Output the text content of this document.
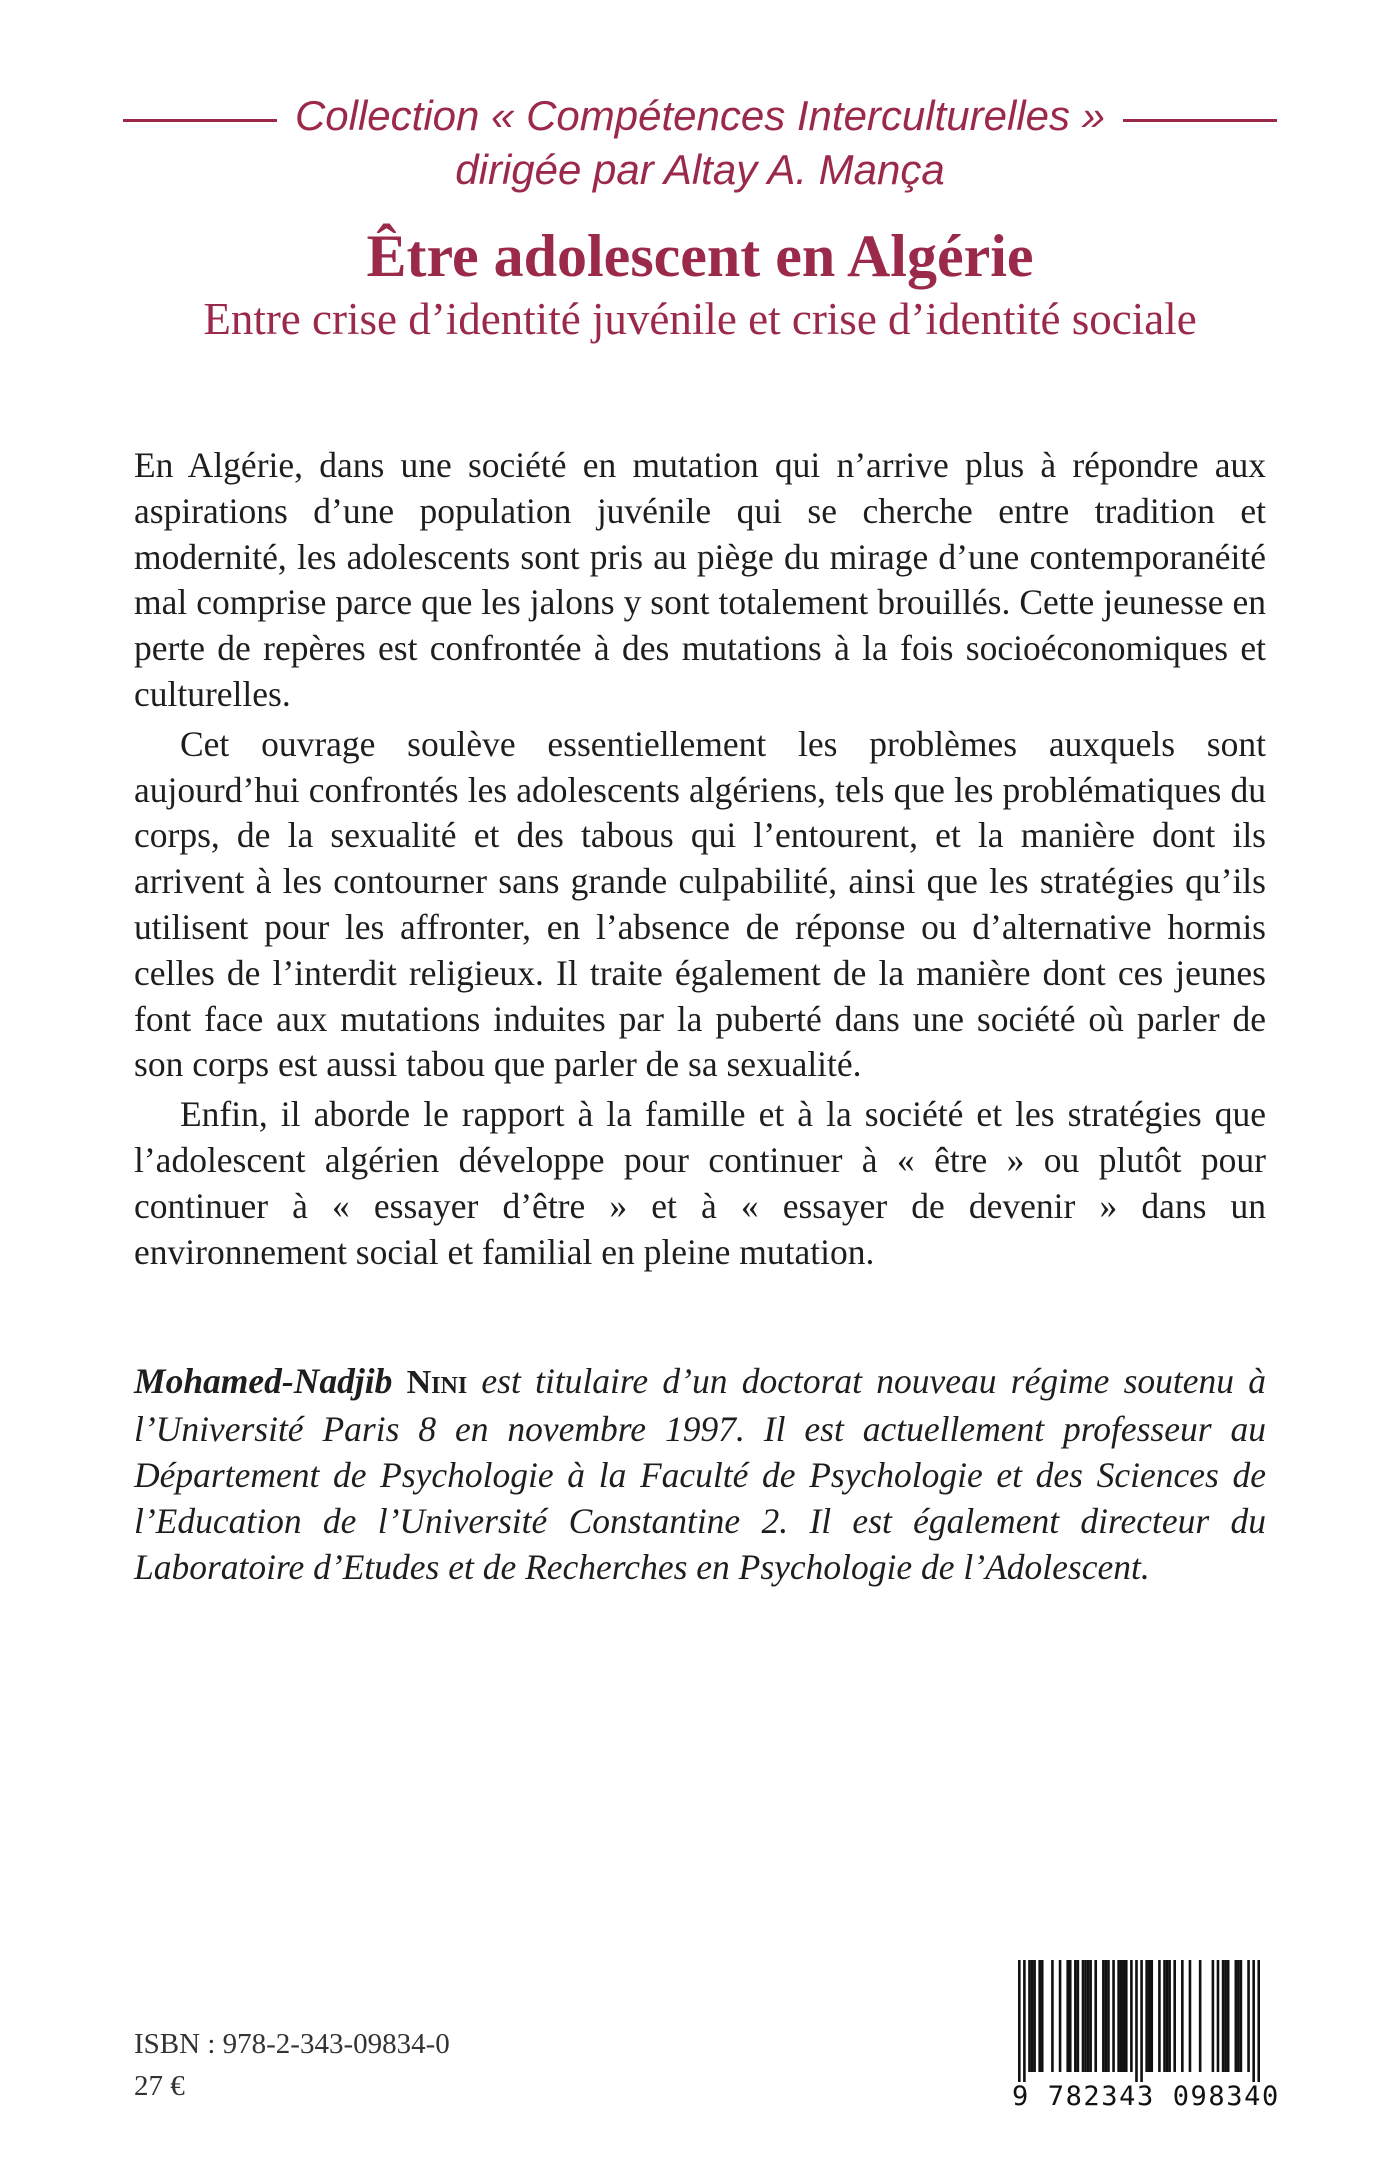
Collection « Compétences Interculturelles »
dirigée par Altay A. Mança
Être adolescent en Algérie
Entre crise d’identité juvénile et crise d’identité sociale

En Algérie, dans une société en mutation qui n’arrive plus à répondre aux aspirations d’une population juvénile qui se cherche entre tradition et modernité, les adolescents sont pris au piège du mirage d’une contemporanéité mal comprise parce que les jalons y sont totalement brouillés. Cette jeunesse en perte de repères est confrontée à des mutations à la fois socioéconomiques et culturelles.

Cet ouvrage soulève essentiellement les problèmes auxquels sont aujourd’hui confrontés les adolescents algériens, tels que les problématiques du corps, de la sexualité et des tabous qui l’entourent, et la manière dont ils arrivent à les contourner sans grande culpabilité, ainsi que les stratégies qu’ils utilisent pour les affronter, en l’absence de réponse ou d’alternative hormis celles de l’interdit religieux. Il traite également de la manière dont ces jeunes font face aux mutations induites par la puberté dans une société où parler de son corps est aussi tabou que parler de sa sexualité.

Enfin, il aborde le rapport à la famille et à la société et les stratégies que l’adolescent algérien développe pour continuer à « être » ou plutôt pour continuer à « essayer d’être » et à « essayer de devenir » dans un environnement social et familial en pleine mutation.

Mohamed-Nadjib Nini est titulaire d’un doctorat nouveau régime soutenu à l’Université Paris 8 en novembre 1997. Il est actuellement professeur au Département de Psychologie à la Faculté de Psychologie et des Sciences de l’Education de l’Université Constantine 2. Il est également directeur du Laboratoire d’Etudes et de Recherches en Psychologie de l’Adolescent.

ISBN : 978-2-343-09834-0
27 €	9 782343 098340
